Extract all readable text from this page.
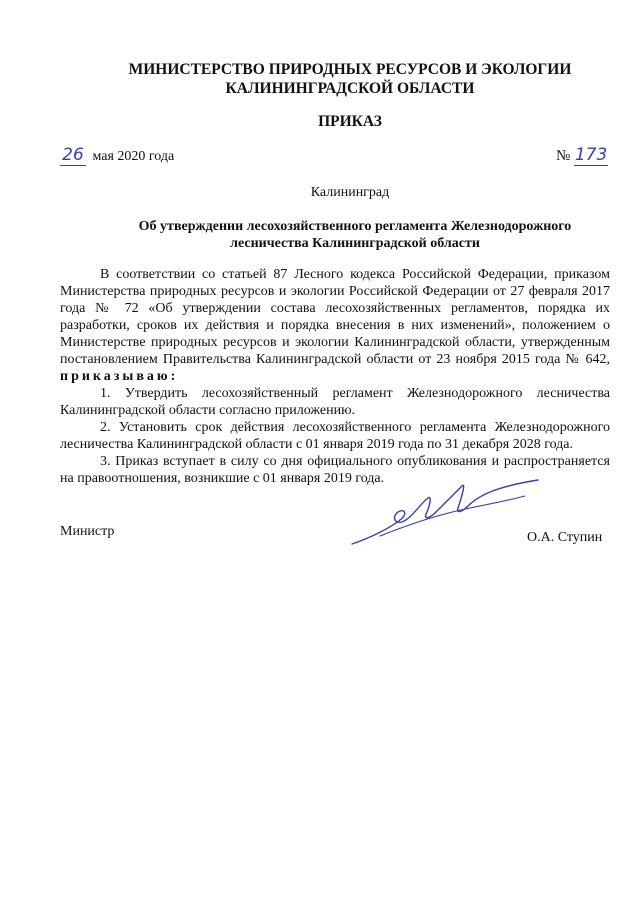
МИНИСТЕРСТВО ПРИРОДНЫХ РЕСУРСОВ И ЭКОЛОГИИ
КАЛИНИНГРАДСКОЙ ОБЛАСТИ
ПРИКАЗ
26 мая 2020 года	№ 173
Калининград
Об утверждении лесохозяйственного регламента Железнодорожного
лесничества Калининградской области

В соответствии со статьей 87 Лесного кодекса Российской Федерации, приказом Министерства природных ресурсов и экологии Российской Федерации от 27 февраля 2017 года № 72 «Об утверждении состава лесохозяйственных регламентов, порядка их разработки, сроков их действия и порядка внесения в них изменений», положением о Министерстве природных ресурсов и экологии Калининградской области, утвержденным постановлением Правительства Калининградской области от 23 ноября 2015 года № 642, приказываю:

1. Утвердить лесохозяйственный регламент Железнодорожного лесничества Калининградской области согласно приложению.

2. Установить срок действия лесохозяйственного регламента Железнодорожного лесничества Калининградской области с 01 января 2019 года по 31 декабря 2028 года.

3. Приказ вступает в силу со дня официального опубликования и распространяется на правоотношения, возникшие с 01 января 2019 года.

Министр	О.А. Ступин
